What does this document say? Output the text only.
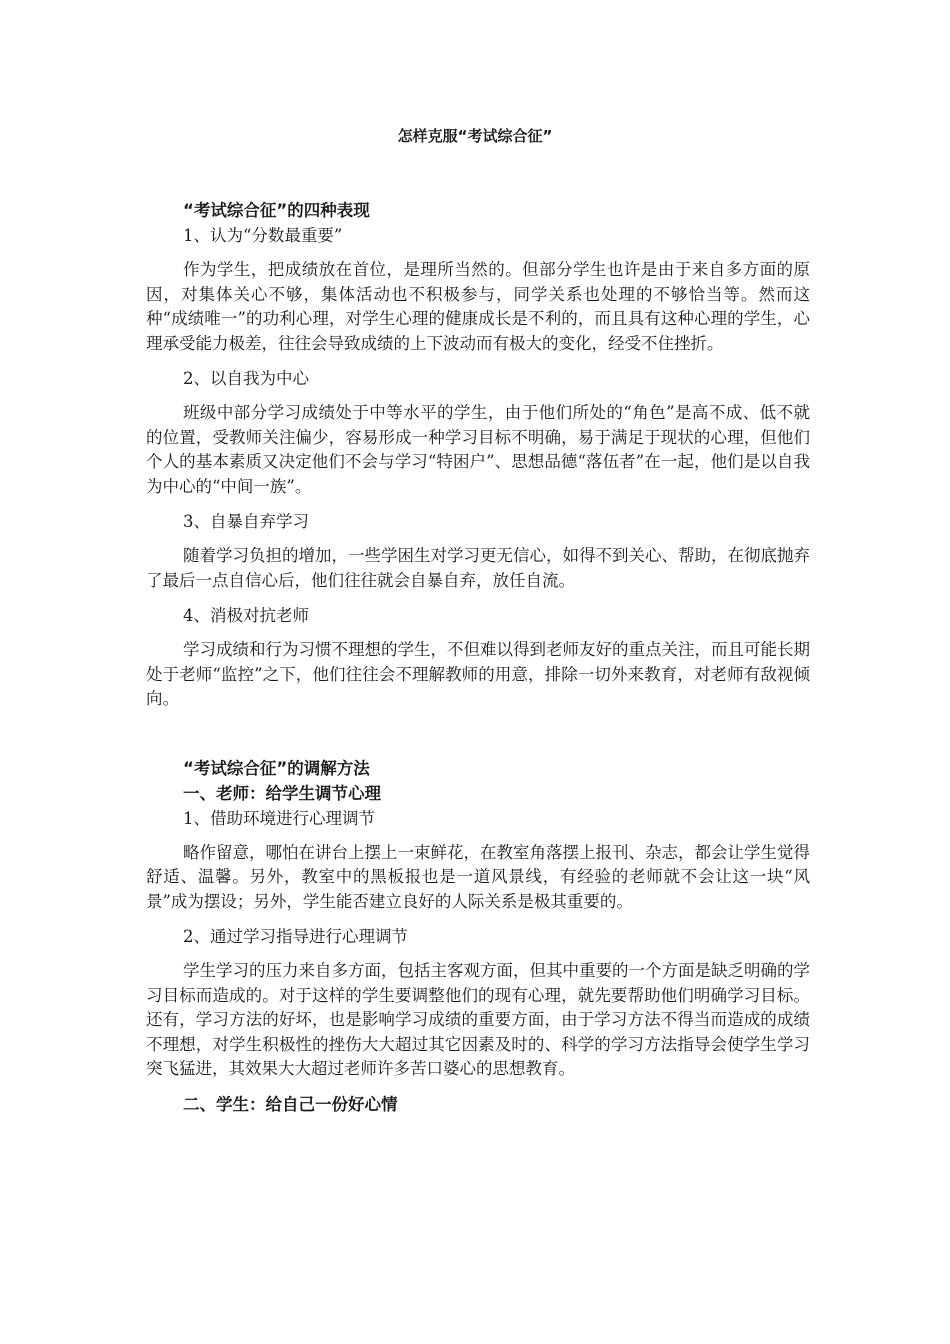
怎样克服“考试综合征”

“考试综合征”的四种表现

1、认为“分数最重要”

作为学生，把成绩放在首位，是理所当然的。但部分学生也许是由于来自多方面的原因，对集体关心不够，集体活动也不积极参与，同学关系也处理的不够恰当等。然而这种“成绩唯一”的功利心理，对学生心理的健康成长是不利的，而且具有这种心理的学生，心理承受能力极差，往往会导致成绩的上下波动而有极大的变化，经受不住挫折。

2、以自我为中心

班级中部分学习成绩处于中等水平的学生，由于他们所处的“角色”是高不成、低不就的位置，受教师关注偏少，容易形成一种学习目标不明确，易于满足于现状的心理，但他们个人的基本素质又决定他们不会与学习“特困户”、思想品德“落伍者”在一起，他们是以自我为中心的“中间一族”。

3、自暴自弃学习

随着学习负担的增加，一些学困生对学习更无信心，如得不到关心、帮助，在彻底抛弃了最后一点自信心后，他们往往就会自暴自弃，放任自流。

4、消极对抗老师

学习成绩和行为习惯不理想的学生，不但难以得到老师友好的重点关注，而且可能长期处于老师“监控”之下，他们往往会不理解教师的用意，排除一切外来教育，对老师有敌视倾向。

“考试综合征”的调解方法

一、老师：给学生调节心理

1、借助环境进行心理调节

略作留意，哪怕在讲台上摆上一束鲜花，在教室角落摆上报刊、杂志，都会让学生觉得舒适、温馨。另外，教室中的黑板报也是一道风景线，有经验的老师就不会让这一块“风景”成为摆设；另外，学生能否建立良好的人际关系是极其重要的。

2、通过学习指导进行心理调节

学生学习的压力来自多方面，包括主客观方面，但其中重要的一个方面是缺乏明确的学习目标而造成的。对于这样的学生要调整他们的现有心理，就先要帮助他们明确学习目标。还有，学习方法的好坏，也是影响学习成绩的重要方面，由于学习方法不得当而造成的成绩不理想，对学生积极性的挫伤大大超过其它因素及时的、科学的学习方法指导会使学生学习突飞猛进，其效果大大超过老师许多苦口婆心的思想教育。

二、学生：给自己一份好心情
